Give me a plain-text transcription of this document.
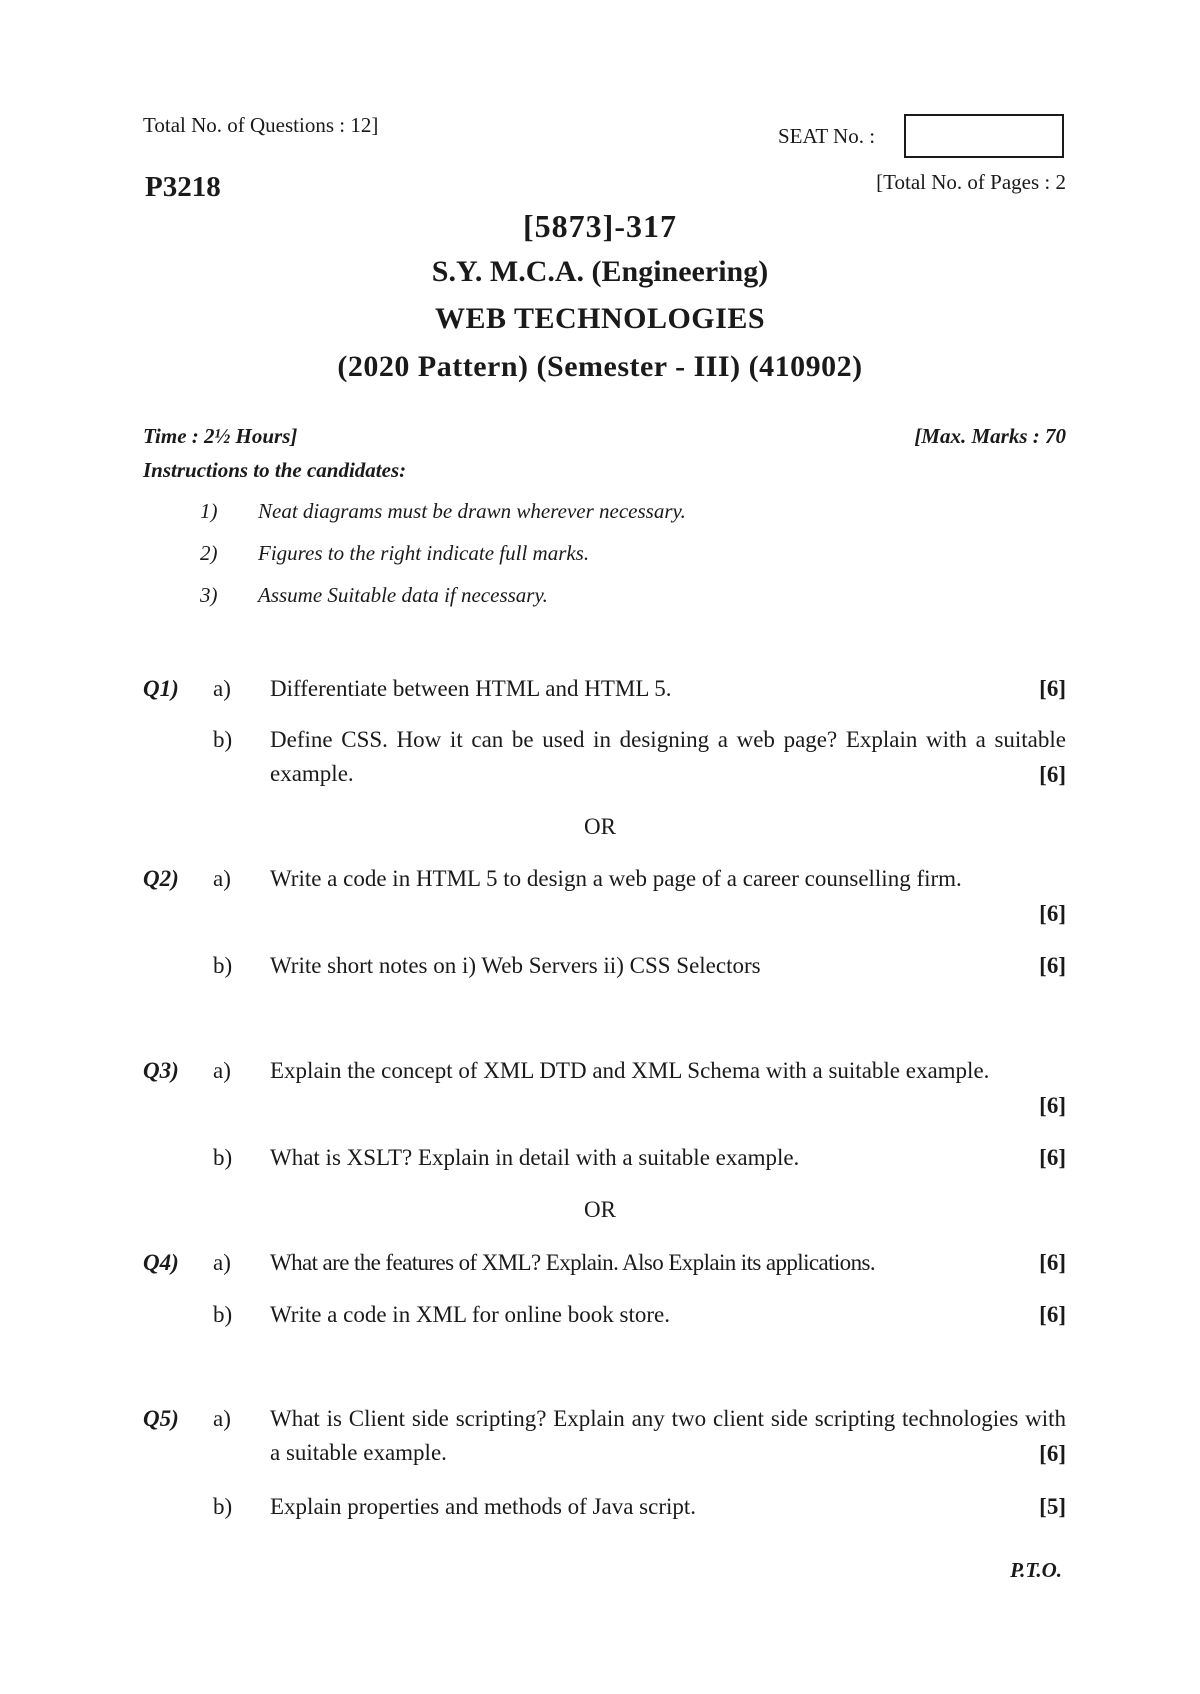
Total No. of Questions : 12]	SEAT No. :
P3218	[Total No. of Pages : 2
[5873]-317
S.Y. M.C.A. (Engineering)
WEB TECHNOLOGIES
(2020 Pattern) (Semester - III) (410902)
Time : 2½ Hours]	[Max. Marks : 70
Instructions to the candidates:
1) Neat diagrams must be drawn wherever necessary.
2) Figures to the right indicate full marks.
3) Assume Suitable data if necessary.
Q1) a) Differentiate between HTML and HTML 5.	[6]
b) Define CSS. How it can be used in designing a web page? Explain with a suitable example.	[6]
OR
Q2) a) Write a code in HTML 5 to design a web page of a career counselling firm.
[6]
b) Write short notes on i) Web Servers ii) CSS Selectors	[6]
Q3) a) Explain the concept of XML DTD and XML Schema with a suitable example.
[6]
b) What is XSLT? Explain in detail with a suitable example.	[6]
OR
Q4) a) What are the features of XML? Explain. Also Explain its applications.	[6]
b) Write a code in XML for online book store.	[6]
Q5) a) What is Client side scripting? Explain any two client side scripting technologies with a suitable example.	[6]
b) Explain properties and methods of Java script.	[5]
P.T.O.
